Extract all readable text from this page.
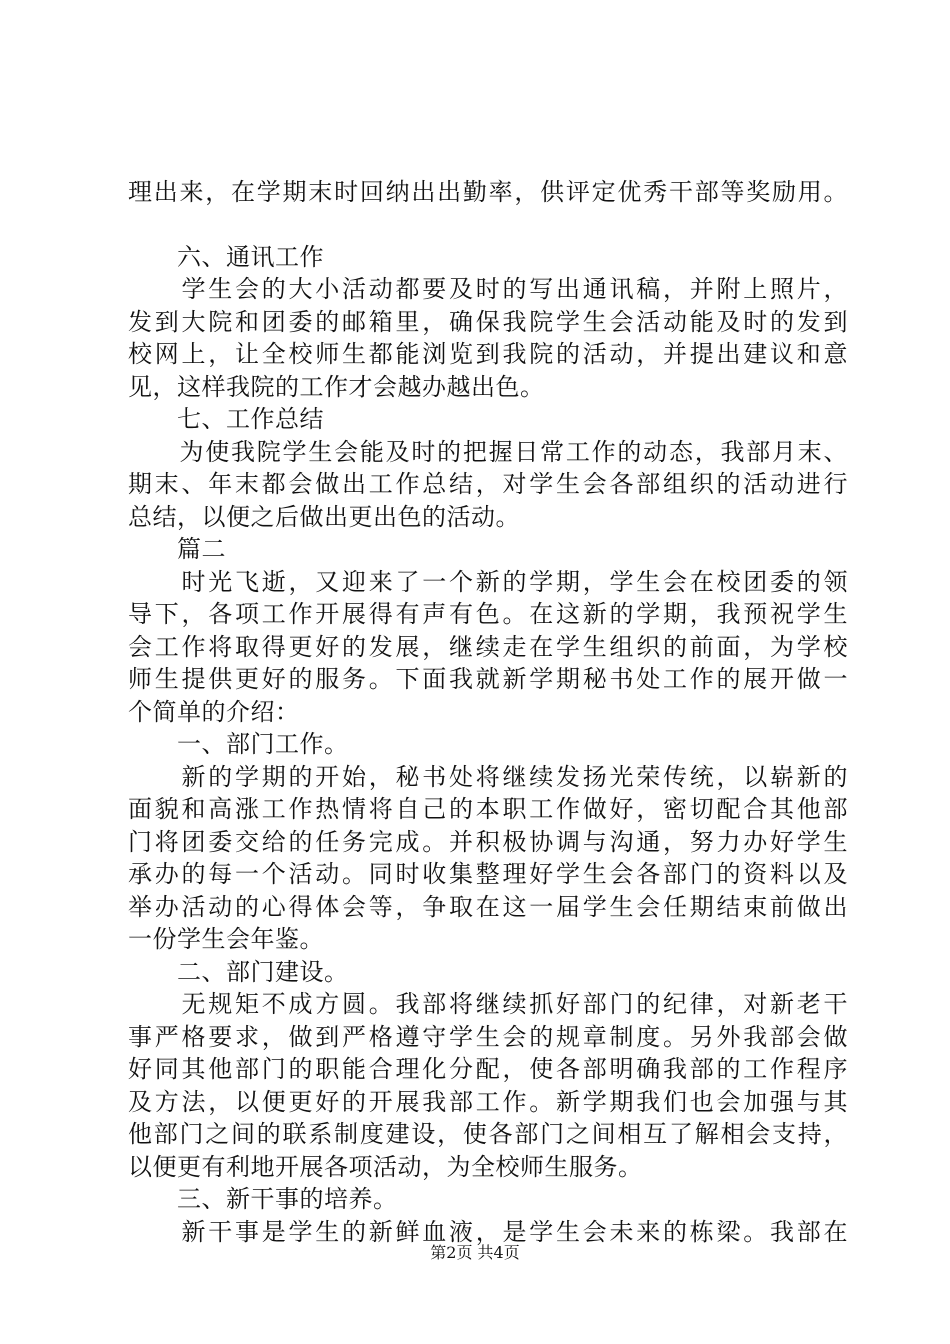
理出来，在学期末时回纳出出勤率，供评定优秀干部等奖励用。
　　六、通讯工作
　　学生会的大小活动都要及时的写出通讯稿，并附上照片，
发到大院和团委的邮箱里，确保我院学生会活动能及时的发到
校网上，让全校师生都能浏览到我院的活动，并提出建议和意
见，这样我院的工作才会越办越出色。
　　七、工作总结
　　为使我院学生会能及时的把握日常工作的动态，我部月末、
期末、年末都会做出工作总结，对学生会各部组织的活动进行
总结，以便之后做出更出色的活动。
　　篇二
　　时光飞逝，又迎来了一个新的学期，学生会在校团委的领
导下，各项工作开展得有声有色。在这新的学期，我预祝学生
会工作将取得更好的发展，继续走在学生组织的前面，为学校
师生提供更好的服务。下面我就新学期秘书处工作的展开做一
个简单的介绍：
　　一、部门工作。
　　新的学期的开始，秘书处将继续发扬光荣传统，以崭新的
面貌和高涨工作热情将自己的本职工作做好，密切配合其他部
门将团委交给的任务完成。并积极协调与沟通，努力办好学生
承办的每一个活动。同时收集整理好学生会各部门的资料以及
举办活动的心得体会等，争取在这一届学生会任期结束前做出
一份学生会年鉴。
　　二、部门建设。
　　无规矩不成方圆。我部将继续抓好部门的纪律，对新老干
事严格要求，做到严格遵守学生会的规章制度。另外我部会做
好同其他部门的职能合理化分配，使各部明确我部的工作程序
及方法，以便更好的开展我部工作。新学期我们也会加强与其
他部门之间的联系制度建设，使各部门之间相互了解相会支持，
以便更有利地开展各项活动，为全校师生服务。
　　三、新干事的培养。
　　新干事是学生的新鲜血液，是学生会未来的栋梁。我部在
第2页 共4页
